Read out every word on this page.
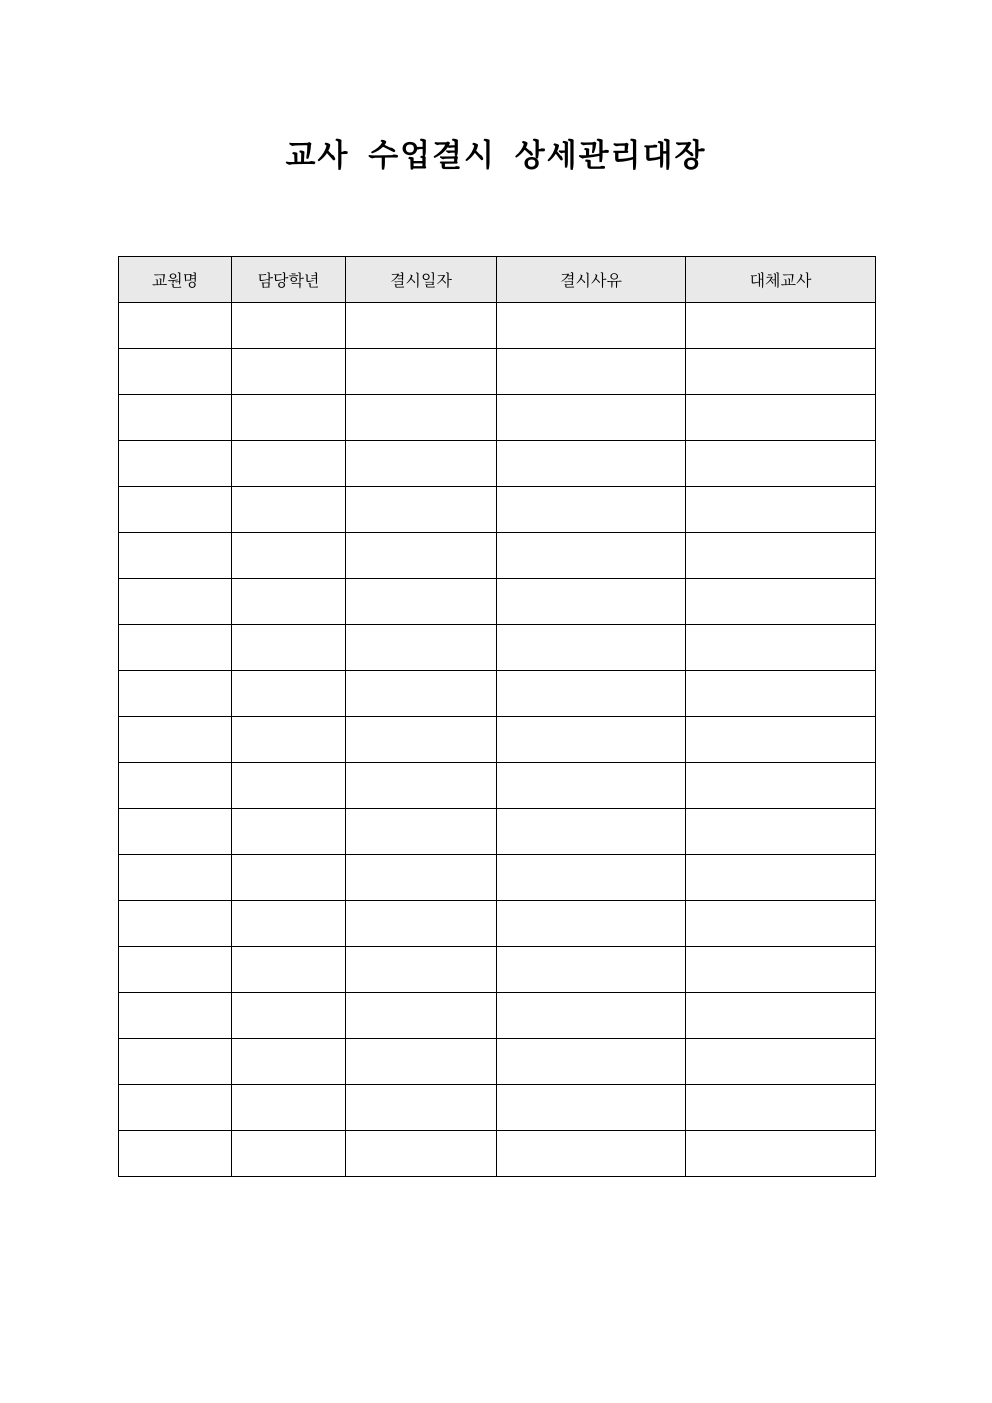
교사 수업결시 상세관리대장
교원명	담당학년	결시일자	결시사유	대체교사
